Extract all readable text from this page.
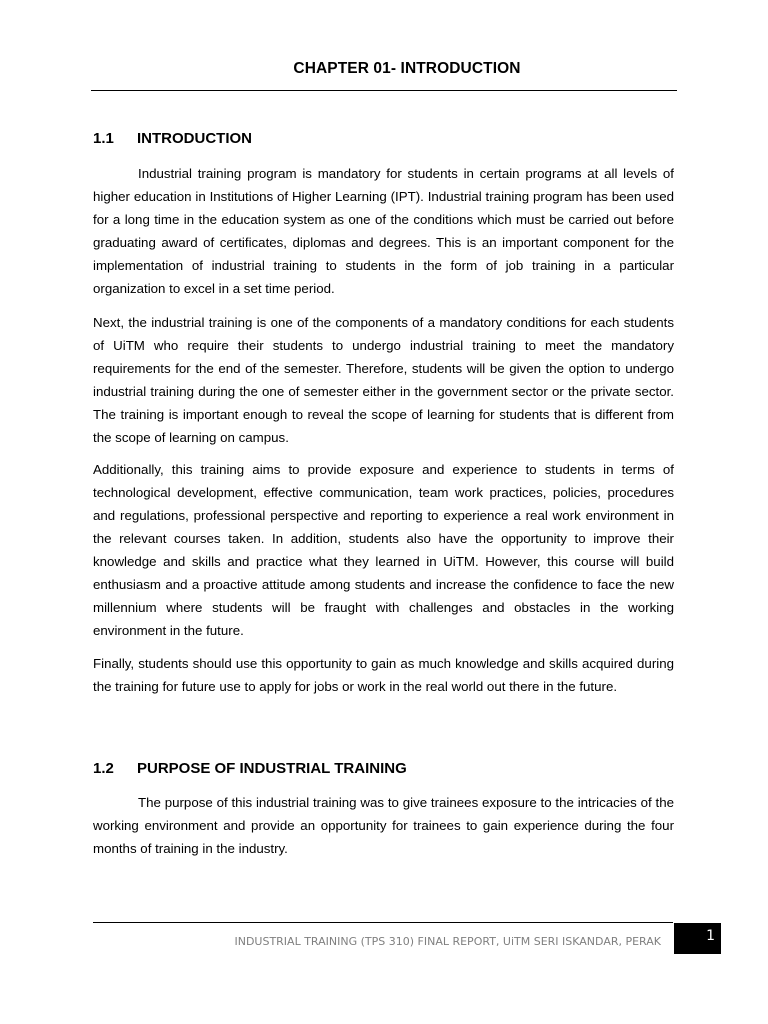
CHAPTER 01- INTRODUCTION
1.1 INTRODUCTION

Industrial training program is mandatory for students in certain programs at all levels of higher education in Institutions of Higher Learning (IPT). Industrial training program has been used for a long time in the education system as one of the conditions which must be carried out before graduating award of certificates, diplomas and degrees. This is an important component for the implementation of industrial training to students in the form of job training in a particular organization to excel in a set time period.

Next, the industrial training is one of the components of a mandatory conditions for each students of UiTM who require their students to undergo industrial training to meet the mandatory requirements for the end of the semester. Therefore, students will be given the option to undergo industrial training during the one of semester either in the government sector or the private sector. The training is important enough to reveal the scope of learning for students that is different from the scope of learning on campus.

Additionally, this training aims to provide exposure and experience to students in terms of technological development, effective communication, team work practices, policies, procedures and regulations, professional perspective and reporting to experience a real work environment in the relevant courses taken. In addition, students also have the opportunity to improve their knowledge and skills and practice what they learned in UiTM. However, this course will build enthusiasm and a proactive attitude among students and increase the confidence to face the new millennium where students will be fraught with challenges and obstacles in the working environment in the future.

Finally, students should use this opportunity to gain as much knowledge and skills acquired during the training for future use to apply for jobs or work in the real world out there in the future.

1.2 PURPOSE OF INDUSTRIAL TRAINING

The purpose of this industrial training was to give trainees exposure to the intricacies of the working environment and provide an opportunity for trainees to gain experience during the four months of training in the industry.

INDUSTRIAL TRAINING (TPS 310) FINAL REPORT, UiTM SERI ISKANDAR, PERAK	1
